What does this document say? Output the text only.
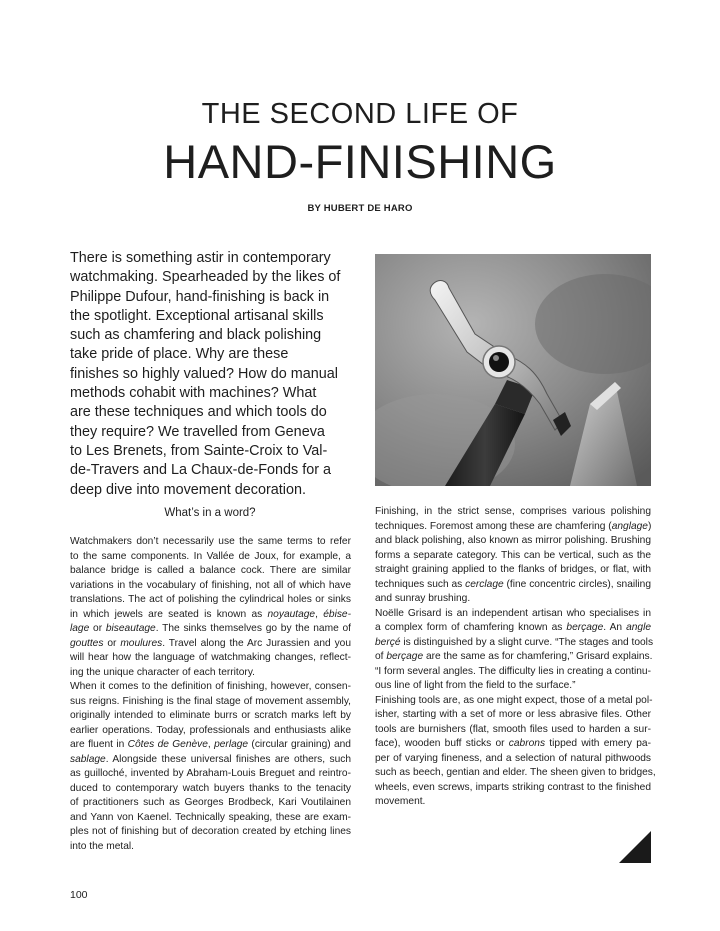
THE SECOND LIFE OF
HAND-FINISHING
BY HUBERT DE HARO
There is something astir in contemporary
watchmaking. Spearheaded by the likes of
Philippe Dufour, hand-finishing is back in
the spotlight. Exceptional artisanal skills
such as chamfering and black polishing
take pride of place. Why are these
finishes so highly valued? How do manual
methods cohabit with machines? What
are these techniques and which tools do
they require? We travelled from Geneva
to Les Brenets, from Sainte-Croix to Val-
de-Travers and La Chaux-de-Fonds for a
deep dive into movement decoration.
What’s in a word?

Watchmakers don’t necessarily use the same terms to refer
to the same components. In Vallée de Joux, for example, a
balance bridge is called a balance cock. There are similar
variations in the vocabulary of finishing, not all of which have
translations. The act of polishing the cylindrical holes or sinks
in which jewels are seated is known as noyautage, ébise-
lage or biseautage. The sinks themselves go by the name of
gouttes or moulures. Travel along the Arc Jurassien and you
will hear how the language of watchmaking changes, reflect-
ing the unique character of each territory.

When it comes to the definition of finishing, however, consen-
sus reigns. Finishing is the final stage of movement assembly,
originally intended to eliminate burrs or scratch marks left by
earlier operations. Today, professionals and enthusiasts alike
are fluent in Côtes de Genève, perlage (circular graining) and
sablage. Alongside these universal finishes are others, such
as guilloché, invented by Abraham-Louis Breguet and reintro-
duced to contemporary watch buyers thanks to the tenacity
of practitioners such as Georges Brodbeck, Kari Voutilainen
and Yann von Kaenel. Technically speaking, these are exam-
ples not of finishing but of decoration created by etching lines
into the metal.

Finishing, in the strict sense, comprises various polishing
techniques. Foremost among these are chamfering (anglage)
and black polishing, also known as mirror polishing. Brushing
forms a separate category. This can be vertical, such as the
straight graining applied to the flanks of bridges, or flat, with
techniques such as cerclage (fine concentric circles), snailing
and sunray brushing.

Noëlle Grisard is an independent artisan who specialises in
a complex form of chamfering known as berçage. An angle
berçé is distinguished by a slight curve. “The stages and tools
of berçage are the same as for chamfering,” Grisard explains.
“I form several angles. The difficulty lies in creating a continu-
ous line of light from the field to the surface.”

Finishing tools are, as one might expect, those of a metal pol-
isher, starting with a set of more or less abrasive files. Other
tools are burnishers (flat, smooth files used to harden a sur-
face), wooden buff sticks or cabrons tipped with emery pa-
per of varying fineness, and a selection of natural pithwoods
such as beech, gentian and elder. The sheen given to bridges,
wheels, even screws, imparts striking contrast to the finished
movement.

100
